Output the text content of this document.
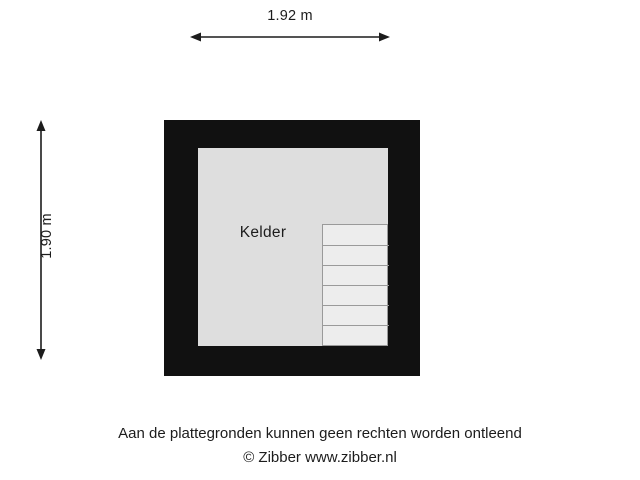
1.92 m
1.90 m	Kelder
Aan de plattegronden kunnen geen rechten worden ontleend
© Zibber www.zibber.nl
